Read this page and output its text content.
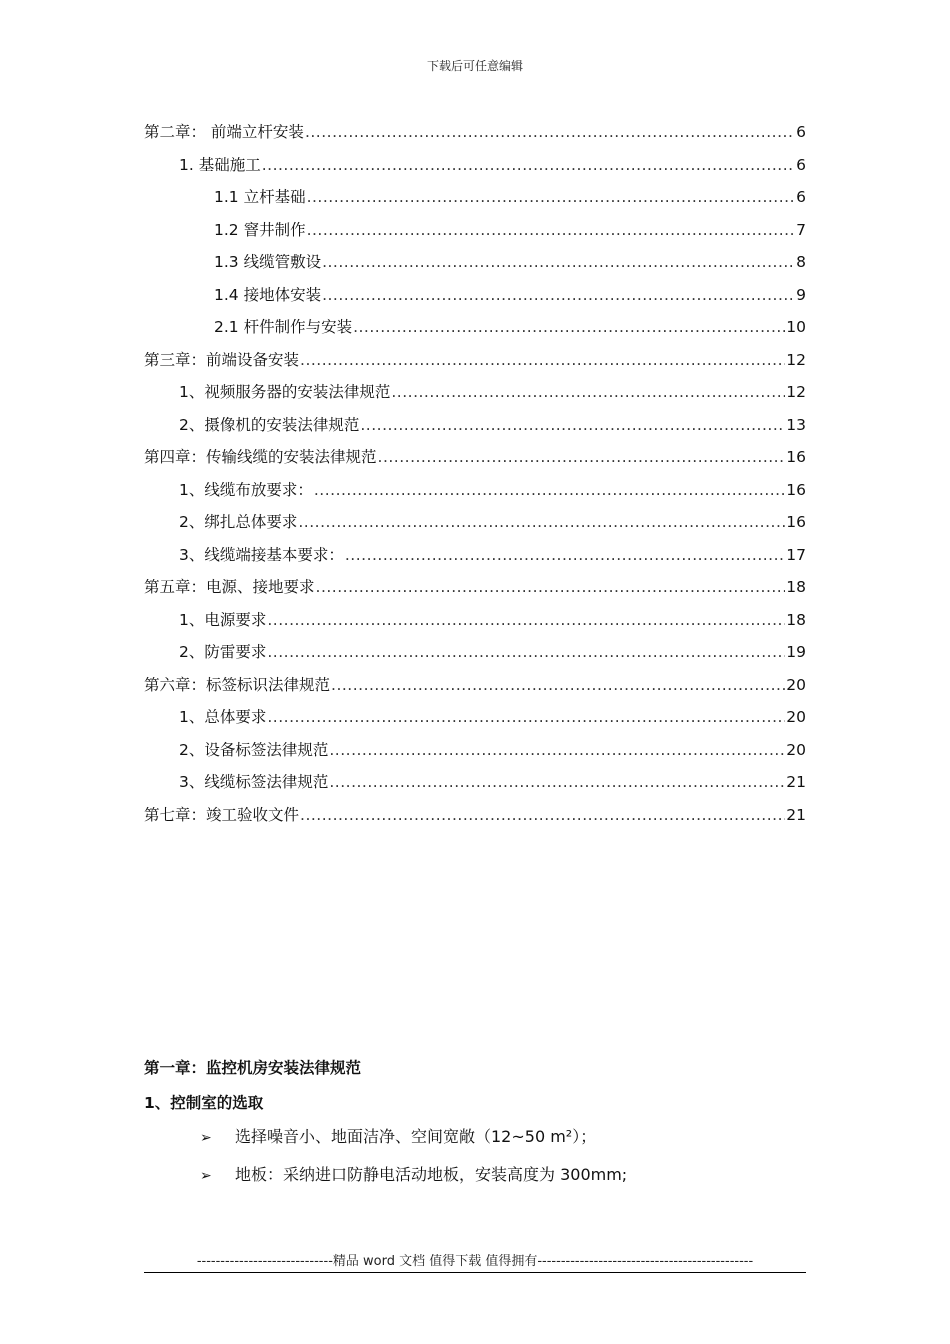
下载后可任意编辑
第二章： 前端立杆安装 .....	6
1. 基础施工 .....	6
1.1 立杆基础 .....	6
1.2 窨井制作 .....	7
1.3 线缆管敷设 .....	8
1.4 接地体安装 .....	9
2.1 杆件制作与安装 .....	10
第三章：前端设备安装 .....	12
1、视频服务器的安装法律规范 .....	12
2、摄像机的安装法律规范 .....	13
第四章：传输线缆的安装法律规范 .....	16
1、线缆布放要求： .....	16
2、绑扎总体要求 .....	16
3、线缆端接基本要求： .....	17
第五章：电源、接地要求 .....	18
1、电源要求 .....	18
2、防雷要求 .....	19
第六章：标签标识法律规范 .....	20
1、总体要求 .....	20
2、设备标签法律规范 .....	20
3、线缆标签法律规范 .....	21
第七章：竣工验收文件 .....	21
第一章：监控机房安装法律规范
1、控制室的选取
➢	选择噪音小、地面洁净、空间宽敞（12~50 m²）；
➢	地板：采纳进口防静电活动地板，安装高度为 300mm;
-----------------------------精品 word 文档 值得下载 值得拥有----------------------------------------------
